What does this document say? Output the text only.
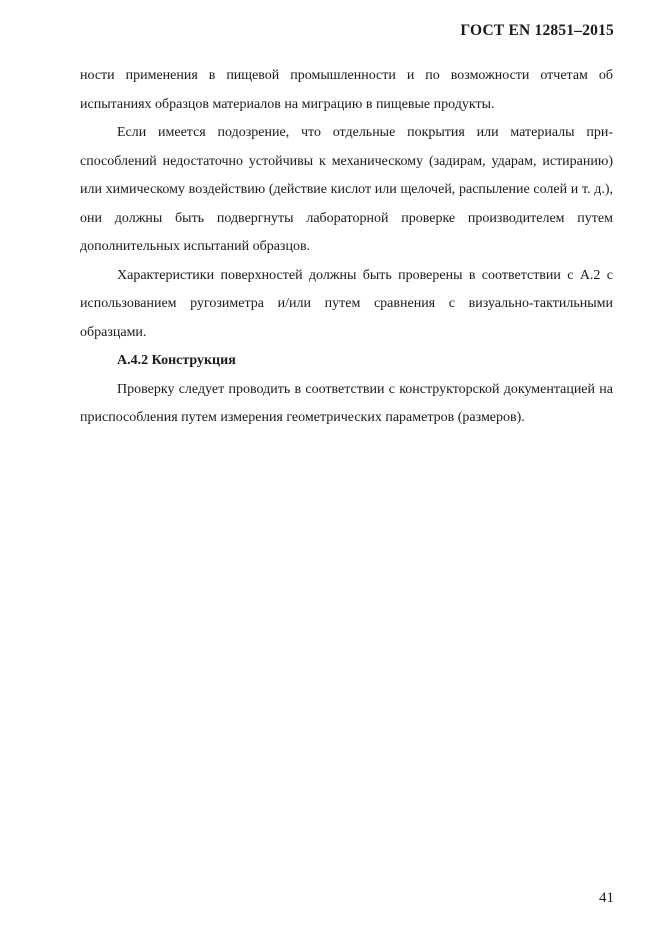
ГОСТ EN 12851–2015

ности применения в пищевой промышленности и по возможности отчетам об испытаниях образцов материалов на миграцию в пищевые продукты.

Если имеется подозрение, что отдельные покрытия или материалы приспособлений недостаточно устойчивы к механическому (задирам, ударам, истиранию) или химическому воздействию (действие кислот или щелочей, распыление солей и т. д.), они должны быть подвергнуты лабораторной проверке производителем путем дополнительных испытаний образцов.

Характеристики поверхностей должны быть проверены в соответствии с А.2 с использованием ругозиметра и/или путем сравнения с визуально-тактильными образцами.

А.4.2 Конструкция

Проверку следует проводить в соответствии с конструкторской документацией на приспособления путем измерения геометрических параметров (размеров).

41
